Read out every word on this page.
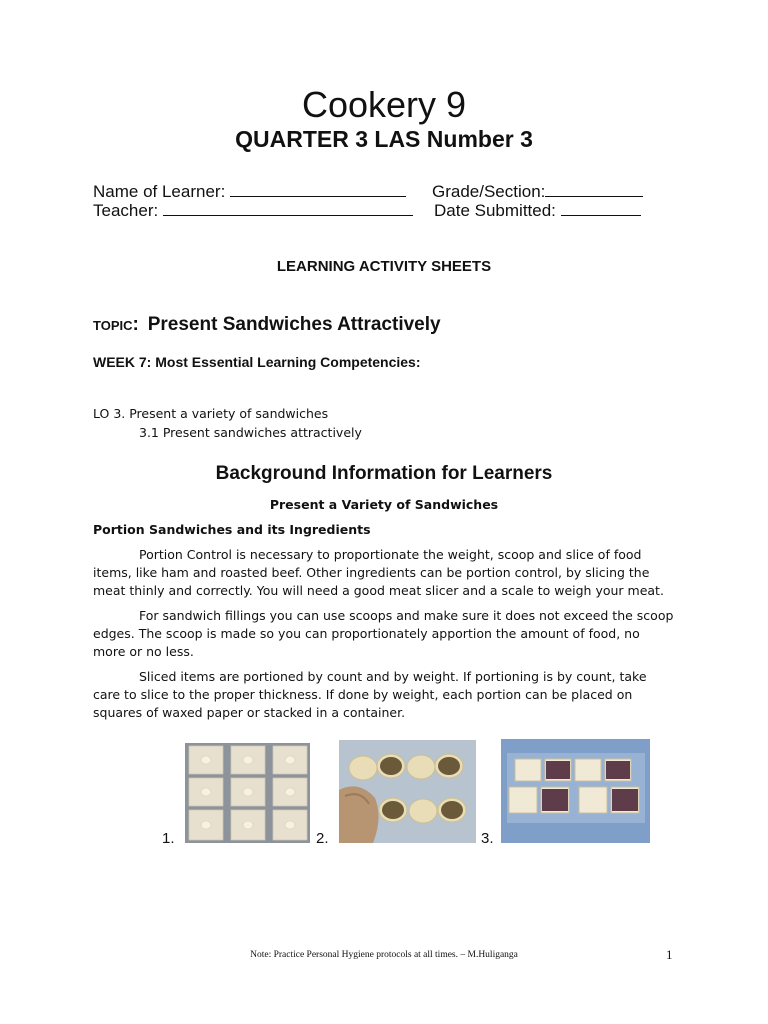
Cookery 9
QUARTER 3 LAS Number 3
Name of Learner:	Grade/Section:
Teacher:	Date Submitted:
LEARNING ACTIVITY SHEETS
TOPIC: Present Sandwiches Attractively
WEEK 7: Most Essential Learning Competencies:
LO 3. Present a variety of sandwiches
3.1 Present sandwiches attractively
Background Information for Learners
Present a Variety of Sandwiches
Portion Sandwiches and its Ingredients

Portion Control is necessary to proportionate the weight, scoop and slice of food items, like ham and roasted beef. Other ingredients can be portion control, by slicing the meat thinly and correctly. You will need a good meat slicer and a scale to weigh your meat.

For sandwich fillings you can use scoops and make sure it does not exceed the scoop edges. The scoop is made so you can proportionately apportion the amount of food, no more or no less.

Sliced items are portioned by count and by weight. If portioning is by count, take care to slice to the proper thickness. If done by weight, each portion can be placed on squares of waxed paper or stacked in a container.

1.	2.	3.
Note: Practice Personal Hygiene protocols at all times. – M.Huliganga	1
